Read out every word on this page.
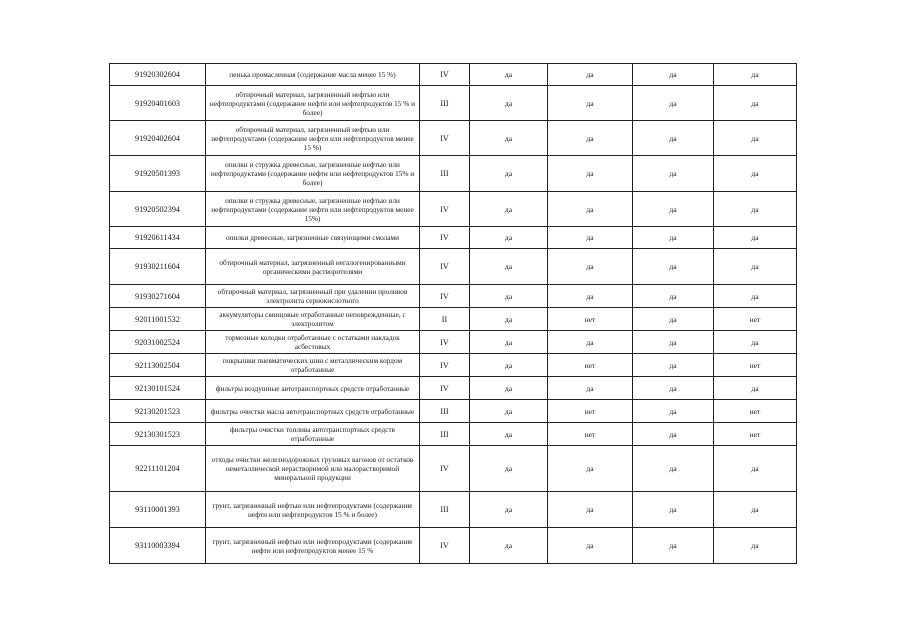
91920302604	пенька промасленная (содержание масла менее 15 %)	IV	да	да	да	да
91920401603	обтирочный материал, загрязненный нефтью или нефтепродуктами (содержание нефти или нефтепродуктов 15 % и более)	III	да	да	да	да
91920402604	обтирочный материал, загрязненный нефтью или нефтепродуктами (содержание нефти или нефтепродуктов менее 15 %)	IV	да	да	да	да
91920501393	опилки и стружка древесные, загрязненные нефтью или нефтепродуктами (содержание нефти или нефтепродуктов 15% и более)	III	да	да	да	да
91920502394	опилки и стружка древесные, загрязненные нефтью или нефтепродуктами (содержание нефти или нефтепродуктов менее 15%)	IV	да	да	да	да
91920611434	опилки древесные, загрязненные связующими смолами	IV	да	да	да	да
91930211604	обтирочный материал, загрязненный негалогенированными органическими растворителями	IV	да	да	да	да
91930271604	обтирочный материал, загрязненный при удалении проливов электролита сернокислотного	IV	да	да	да	да
92011001532	аккумуляторы свинцовые отработанные неповрежденные, с электролитом	II	да	нет	да	нет
92031002524	тормозные колодки отработанные с остатками накладок асбестовых	IV	да	да	да	да
92113002504	покрышки пневматических шин с металлическим кордом отработанные	IV	да	нет	да	нет
92130101524	фильтры воздушные автотранспортных средств отработанные	IV	да	да	да	да
92130201523	фильтры очистки масла автотранспортных средств отработанные	III	да	нет	да	нет
92130301523	фильтры очистки топлива автотранспортных средств отработанные	III	да	нет	да	нет
92211101204	отходы очистки железнодорожных грузовых вагонов от остатков неметаллической нерастворимой или малорастворимой минеральной продукции	IV	да	да	да	да
93110001393	грунт, загрязненный нефтью или нефтепродуктами (содержание нефти или нефтепродуктов 15 % и более)	III	да	да	да	да
93110003394	грунт, загрязненный нефтью или нефтепродуктами (содержание нефти или нефтепродуктов менее 15 %	IV	да	да	да	да
